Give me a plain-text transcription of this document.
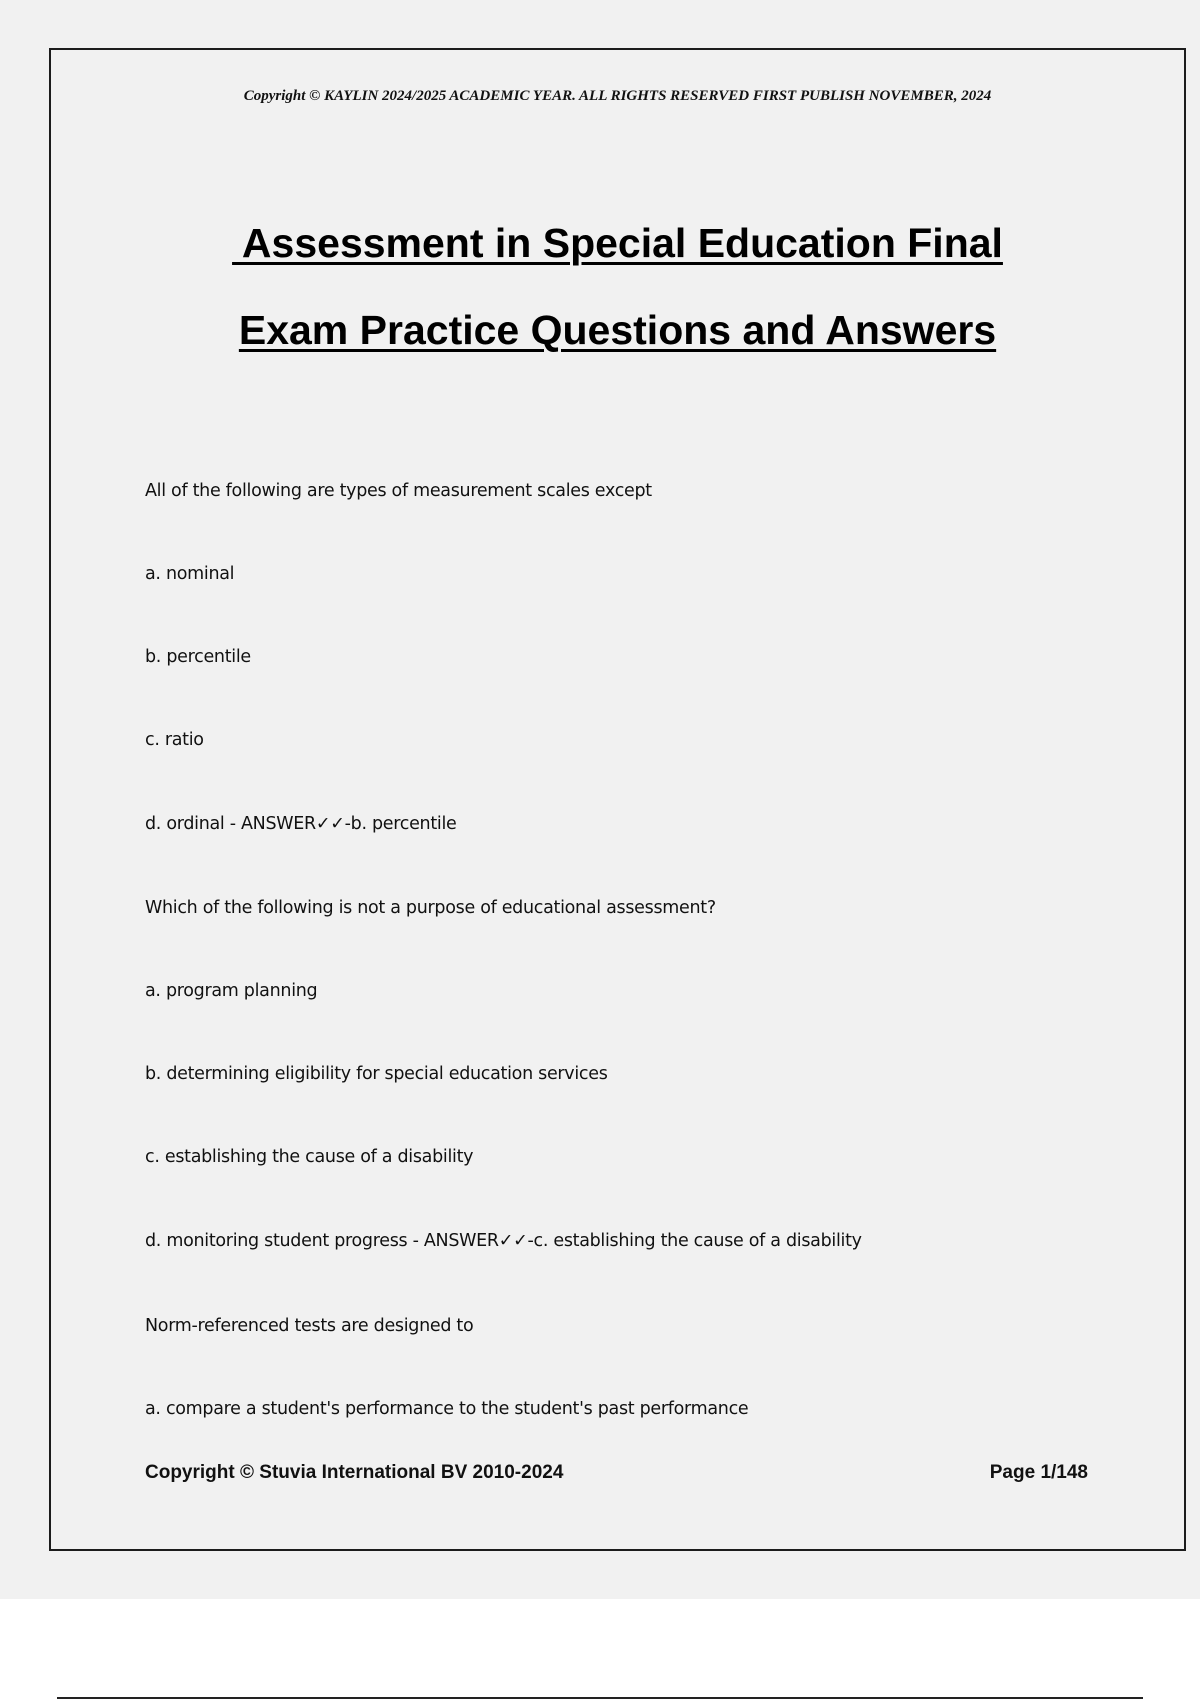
Copyright © KAYLIN 2024/2025 ACADEMIC YEAR. ALL RIGHTS RESERVED FIRST PUBLISH NOVEMBER, 2024
Assessment in Special Education Final
Exam Practice Questions and Answers
All of the following are types of measurement scales except
a. nominal
b. percentile
c. ratio
d. ordinal - ANSWER✓✓-b. percentile
Which of the following is not a purpose of educational assessment?
a. program planning
b. determining eligibility for special education services
c. establishing the cause of a disability
d. monitoring student progress - ANSWER✓✓-c. establishing the cause of a disability
Norm-referenced tests are designed to
a. compare a student's performance to the student's past performance
Copyright © Stuvia International BV 2010-2024	Page 1/148
